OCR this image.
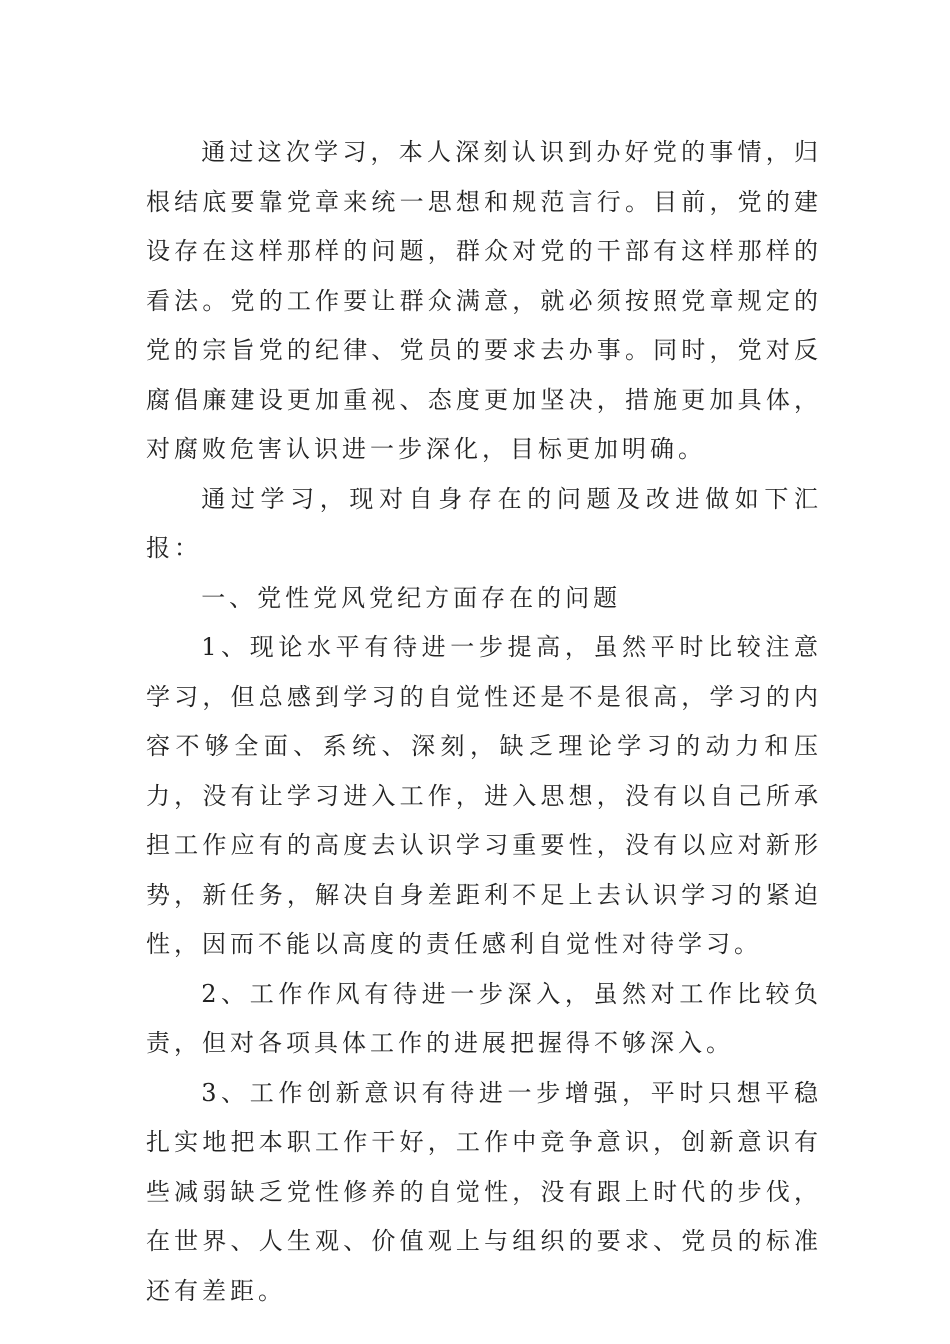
通过这次学习，本人深刻认识到办好党的事情，归根结底要靠党章来统一思想和规范言行。目前，党的建设存在这样那样的问题，群众对党的干部有这样那样的看法。党的工作要让群众满意，就必须按照党章规定的党的宗旨党的纪律、党员的要求去办事。同时，党对反腐倡廉建设更加重视、态度更加坚决，措施更加具体，对腐败危害认识进一步深化，目标更加明确。

通过学习，现对自身存在的问题及改进做如下汇报：

一、党性党风党纪方面存在的问题

1、现论水平有待进一步提高，虽然平时比较注意学习，但总感到学习的自觉性还是不是很高，学习的内容不够全面、系统、深刻，缺乏理论学习的动力和压力，没有让学习进入工作，进入思想，没有以自己所承担工作应有的高度去认识学习重要性，没有以应对新形势，新任务，解决自身差距利不足上去认识学习的紧迫性，因而不能以高度的责任感利自觉性对待学习。

2、工作作风有待进一步深入，虽然对工作比较负责，但对各项具体工作的进展把握得不够深入。

3、工作创新意识有待进一步增强，平时只想平稳扎实地把本职工作干好，工作中竞争意识，创新意识有些减弱缺乏党性修养的自觉性，没有跟上时代的步伐，在世界、人生观、价值观上与组织的要求、党员的标准还有差距。
